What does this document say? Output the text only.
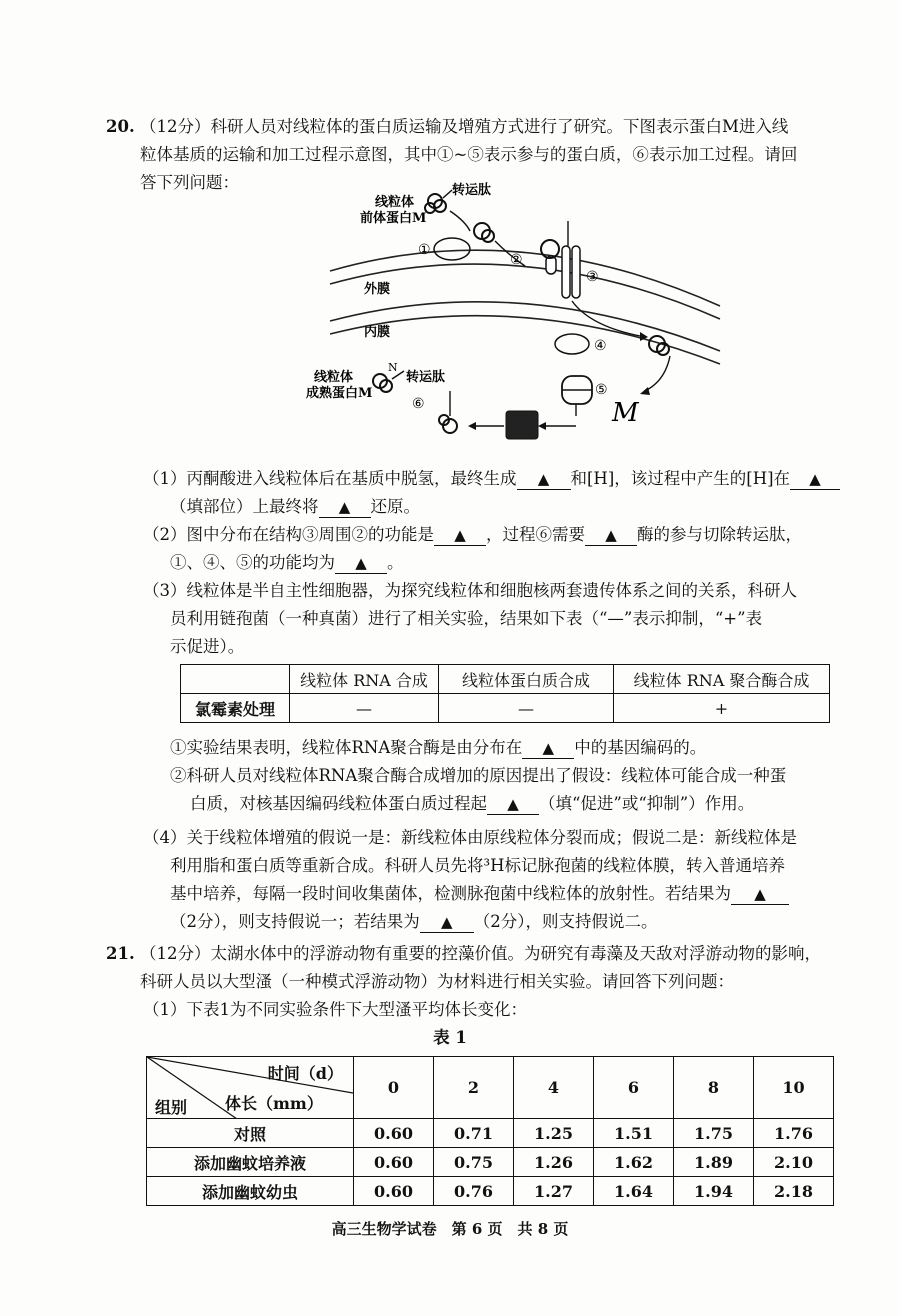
20. （12分）科研人员对线粒体的蛋白质运输及增殖方式进行了研究。下图表示蛋白M进入线
粒体基质的运输和加工过程示意图，其中①~⑤表示参与的蛋白质，⑥表示加工过程。请回
答下列问题：
线粒体
前体蛋白M
转运肽
①
②
③
外膜
内膜
④
⑤
M
⑥
N
转运肽
线粒体
成熟蛋白M
（1）丙酮酸进入线粒体后在基质中脱氢，最终生成 ▲ 和[H]，该过程中产生的[H]在 ▲
（填部位）上最终将 ▲ 还原。
（2）图中分布在结构③周围②的功能是 ▲ ，过程⑥需要 ▲ 酶的参与切除转运肽，
①、④、⑤的功能均为 ▲ 。
（3）线粒体是半自主性细胞器，为探究线粒体和细胞核两套遗传体系之间的关系，科研人
员利用链孢菌（一种真菌）进行了相关实验，结果如下表（“—”表示抑制，“+”表
示促进）。
	线粒体 RNA 合成	线粒体蛋白质合成	线粒体 RNA 聚合酶合成
氯霉素处理	—	—	+
①实验结果表明，线粒体RNA聚合酶是由分布在 ▲ 中的基因编码的。
②科研人员对线粒体RNA聚合酶合成增加的原因提出了假设：线粒体可能合成一种蛋
白质，对核基因编码线粒体蛋白质过程起 ▲ （填“促进”或“抑制”）作用。
（4）关于线粒体增殖的假说一是：新线粒体由原线粒体分裂而成；假说二是：新线粒体是
利用脂和蛋白质等重新合成。科研人员先将³H标记脉孢菌的线粒体膜，转入普通培养
基中培养，每隔一段时间收集菌体，检测脉孢菌中线粒体的放射性。若结果为 ▲
（2分），则支持假说一；若结果为 ▲ （2分），则支持假说二。
21. （12分）太湖水体中的浮游动物有重要的控藻价值。为研究有毒藻及天敌对浮游动物的影响，
科研人员以大型溞（一种模式浮游动物）为材料进行相关实验。请回答下列问题：
（1）下表1为不同实验条件下大型溞平均体长变化：
表 1
时间（d）
体长（mm）
组别	0	2	4	6	8	10
对照	0.60	0.71	1.25	1.51	1.75	1.76
添加幽蚊培养液	0.60	0.75	1.26	1.62	1.89	2.10
添加幽蚊幼虫	0.60	0.76	1.27	1.64	1.94	2.18
高三生物学试卷　第 6 页　共 8 页
